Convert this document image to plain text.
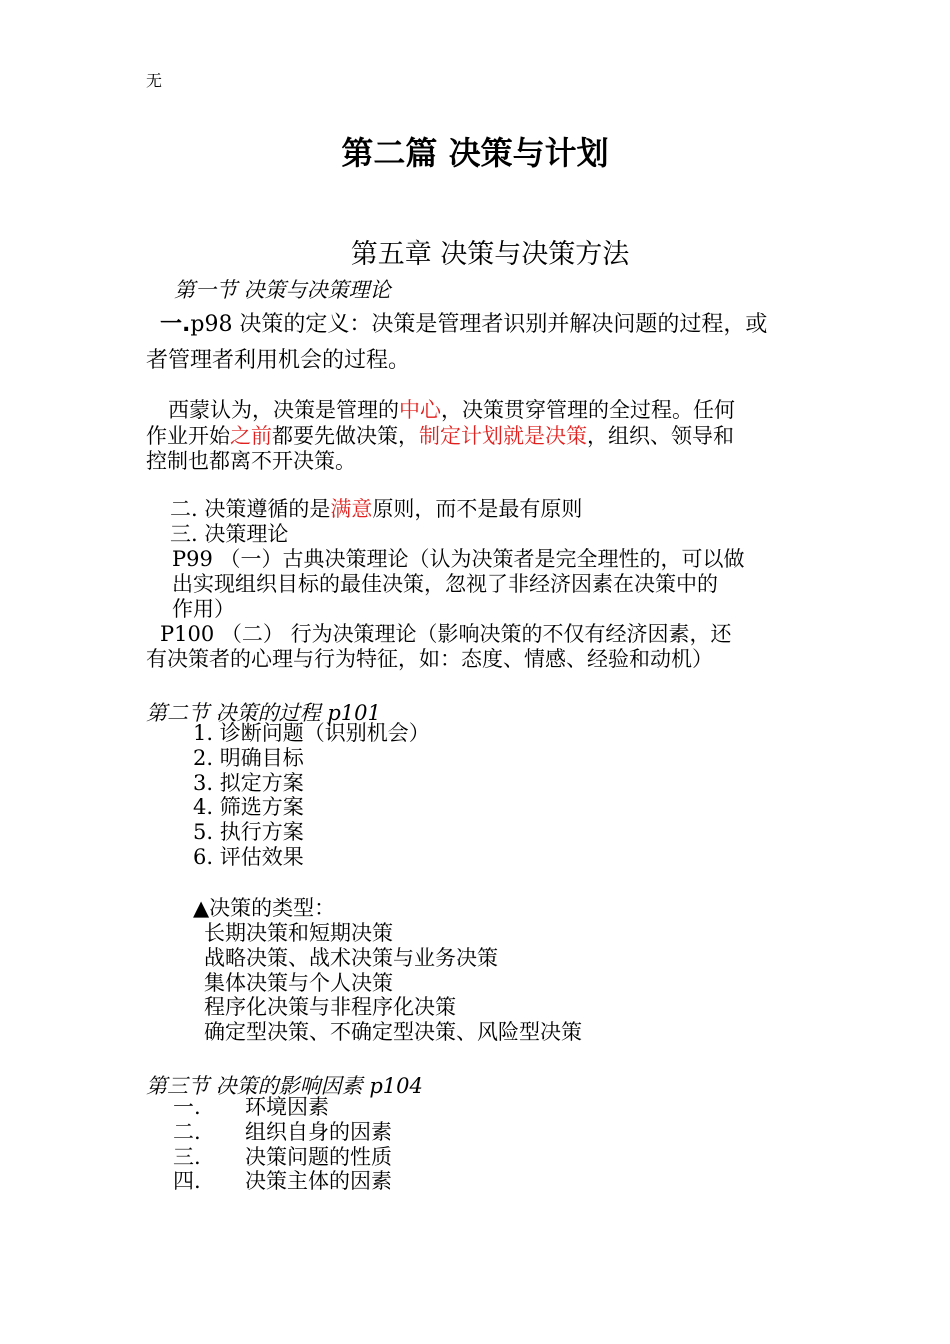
无
第二篇 决策与计划
第五章 决策与决策方法
第一节 决策与决策理论
一.p98 决策的定义：决策是管理者识别并解决问题的过程，或
者管理者利用机会的过程。
西蒙认为，决策是管理的中心，决策贯穿管理的全过程。任何
作业开始之前都要先做决策，制定计划就是决策，组织、领导和
控制也都离不开决策。
二. 决策遵循的是满意原则，而不是最有原则
三. 决策理论
P99 （一）古典决策理论（认为决策者是完全理性的，可以做
出实现组织目标的最佳决策，忽视了非经济因素在决策中的
作用）
P100 （二） 行为决策理论（影响决策的不仅有经济因素，还
有决策者的心理与行为特征，如：态度、情感、经验和动机）
第二节 决策的过程 p101
1. 诊断问题（识别机会）
2. 明确目标
3. 拟定方案
4. 筛选方案
5. 执行方案
6. 评估效果
▲决策的类型：
长期决策和短期决策
战略决策、战术决策与业务决策
集体决策与个人决策
程序化决策与非程序化决策
确定型决策、不确定型决策、风险型决策
第三节 决策的影响因素 p104
一. 环境因素
二. 组织自身的因素
三. 决策问题的性质
四. 决策主体的因素
